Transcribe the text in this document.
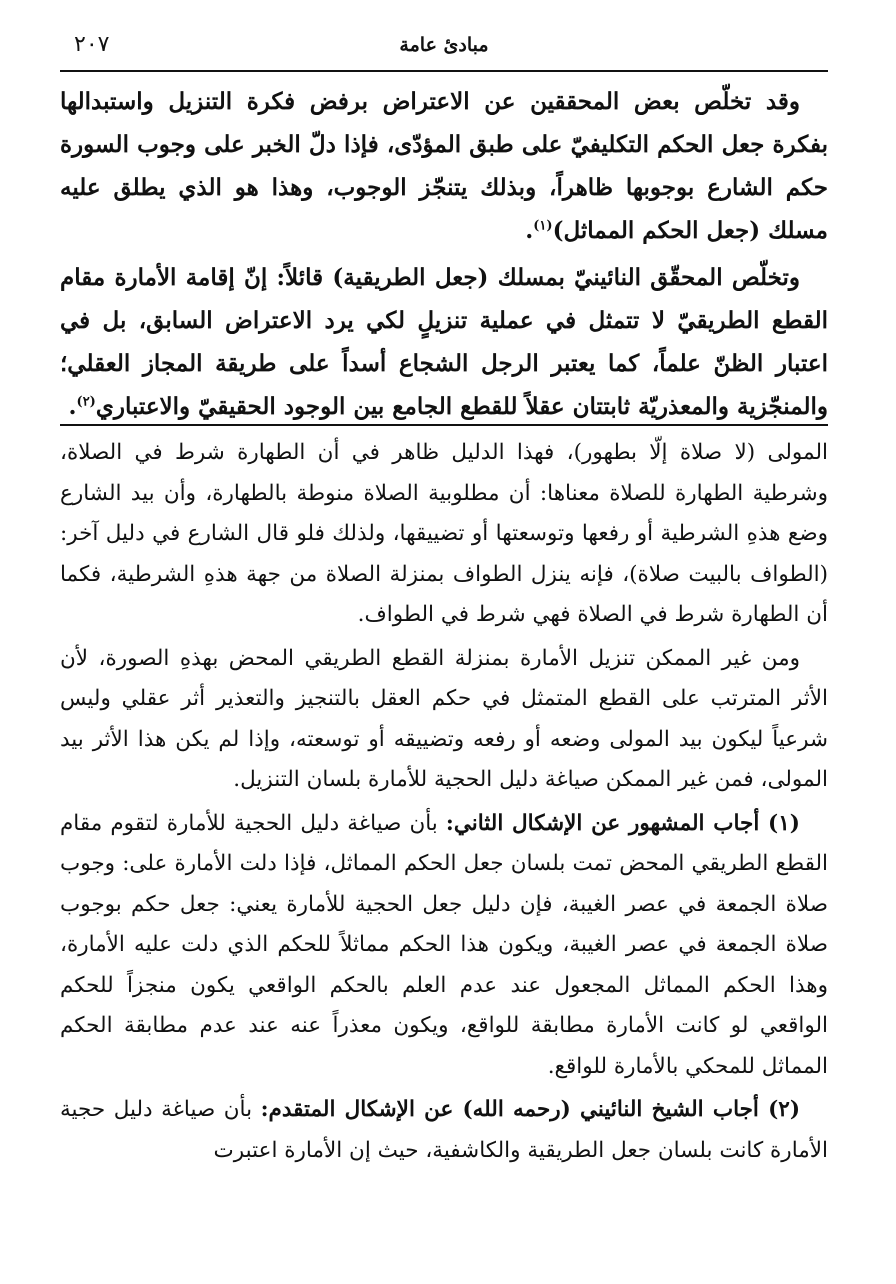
مبادئ عامة
٢٠٧

وقد تخلّص بعض المحققين عن الاعتراض برفض فكرة التنزيل واستبدالها بفكرة جعل الحكم التكليفيّ على طبق المؤدّى، فإذا دلّ الخبر على وجوب السورة حكم الشارع بوجوبها ظاهراً، وبذلك يتنجّز الوجوب، وهذا هو الذي يطلق عليه مسلك (جعل الحكم المماثل)$^{(١)}$.

وتخلّص المحقّق النائينيّ بمسلك (جعل الطريقية) قائلاً: إنّ إقامة الأمارة مقام القطع الطريقيّ لا تتمثل في عملية تنزيلٍ لكي يرد الاعتراض السابق، بل في اعتبار الظنّ علماً، كما يعتبر الرجل الشجاع أسداً على طريقة المجاز العقلي؛ والمنجّزية والمعذريّة ثابتتان عقلاً للقطع الجامع بين الوجود الحقيقيّ والاعتباري$^{(٢)}$.

المولى (لا صلاة إلّا بطهور)، فهذا الدليل ظاهر في أن الطهارة شرط في الصلاة، وشرطية الطهارة للصلاة معناها: أن مطلوبية الصلاة منوطة بالطهارة، وأن بيد الشارع وضع هذهِ الشرطية أو رفعها وتوسعتها أو تضييقها، ولذلك فلو قال الشارع في دليل آخر: (الطواف بالبيت صلاة)، فإنه ينزل الطواف بمنزلة الصلاة من جهة هذهِ الشرطية، فكما أن الطهارة شرط في الصلاة فهي شرط في الطواف.

ومن غير الممكن تنزيل الأمارة بمنزلة القطع الطريقي المحض بهذهِ الصورة، لأن الأثر المترتب على القطع المتمثل في حكم العقل بالتنجيز والتعذير أثر عقلي وليس شرعياً ليكون بيد المولى وضعه أو رفعه وتضييقه أو توسعته، وإذا لم يكن هذا الأثر بيد المولى، فمن غير الممكن صياغة دليل الحجية للأمارة بلسان التنزيل.

(١) أجاب المشهور عن الإشكال الثاني: بأن صياغة دليل الحجية للأمارة لتقوم مقام القطع الطريقي المحض تمت بلسان جعل الحكم المماثل، فإذا دلت الأمارة على: وجوب صلاة الجمعة في عصر الغيبة، فإن دليل جعل الحجية للأمارة يعني: جعل حكم بوجوب صلاة الجمعة في عصر الغيبة، ويكون هذا الحكم مماثلاً للحكم الذي دلت عليه الأمارة، وهذا الحكم المماثل المجعول عند عدم العلم بالحكم الواقعي يكون منجزاً للحكم الواقعي لو كانت الأمارة مطابقة للواقع، ويكون معذراً عنه عند عدم مطابقة الحكم المماثل للمحكي بالأمارة للواقع.

(٢) أجاب الشيخ النائيني (رحمه الله) عن الإشكال المتقدم: بأن صياغة دليل حجية الأمارة كانت بلسان جعل الطريقية والكاشفية، حيث إن الأمارة اعتبرت
